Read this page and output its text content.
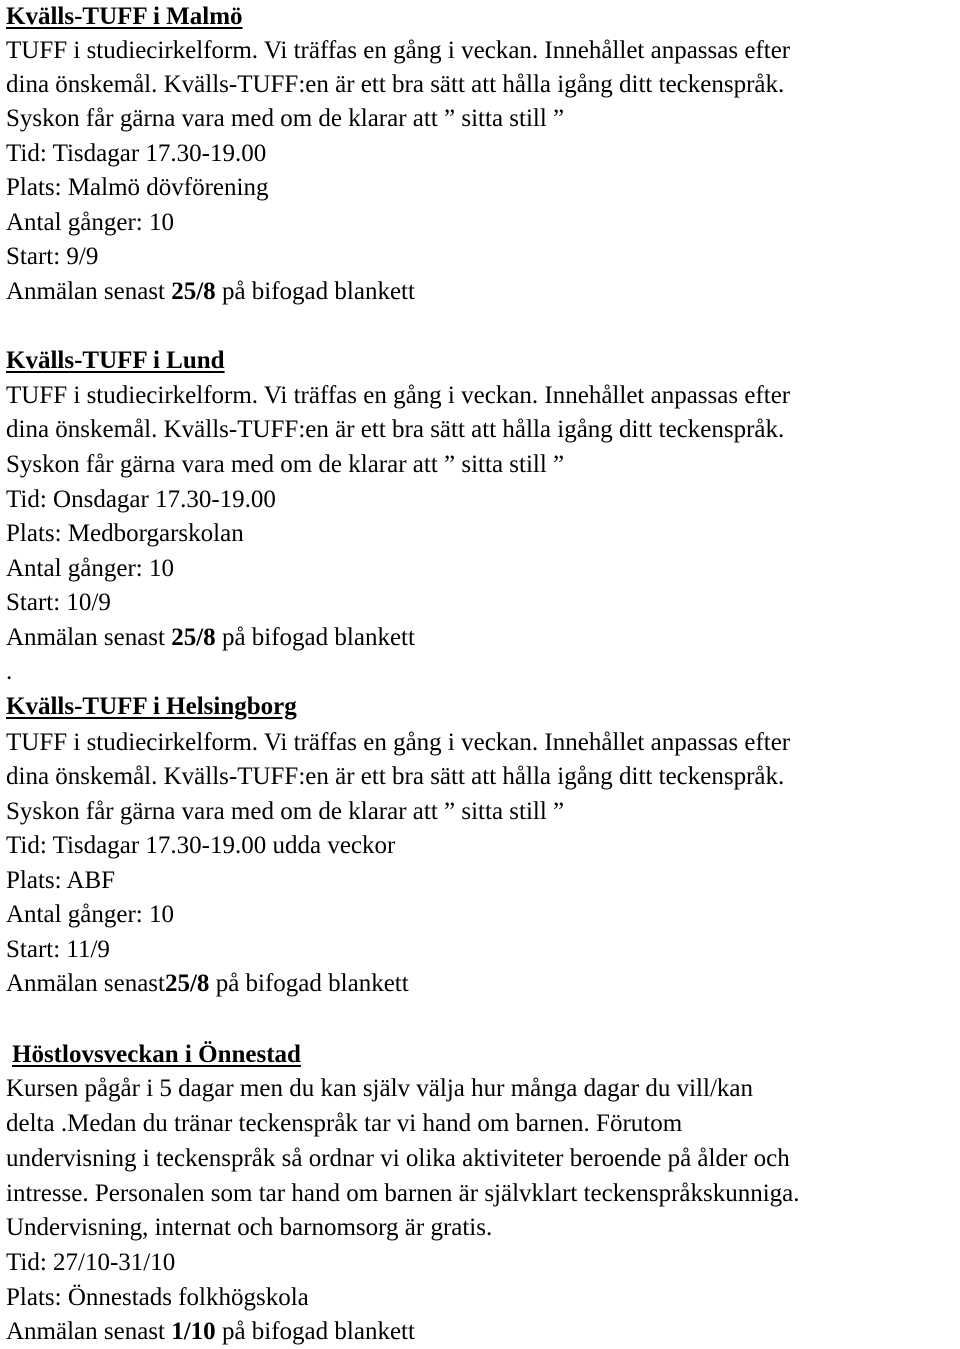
Kvälls-TUFF i Malmö
TUFF i studiecirkelform. Vi träffas en gång i veckan. Innehållet anpassas efter
dina önskemål. Kvälls-TUFF:en är ett bra sätt att hålla igång ditt teckenspråk.
Syskon får gärna vara med om de klarar att ” sitta still ”
Tid: Tisdagar 17.30-19.00
Plats: Malmö dövförening
Antal gånger: 10
Start: 9/9
Anmälan senast 25/8 på bifogad blankett
Kvälls-TUFF i Lund
TUFF i studiecirkelform. Vi träffas en gång i veckan. Innehållet anpassas efter
dina önskemål. Kvälls-TUFF:en är ett bra sätt att hålla igång ditt teckenspråk.
Syskon får gärna vara med om de klarar att ” sitta still ”
Tid: Onsdagar 17.30-19.00
Plats: Medborgarskolan
Antal gånger: 10
Start: 10/9
Anmälan senast 25/8 på bifogad blankett
.
Kvälls-TUFF i Helsingborg
TUFF i studiecirkelform. Vi träffas en gång i veckan. Innehållet anpassas efter
dina önskemål. Kvälls-TUFF:en är ett bra sätt att hålla igång ditt teckenspråk.
Syskon får gärna vara med om de klarar att ” sitta still ”
Tid: Tisdagar 17.30-19.00 udda veckor
Plats: ABF
Antal gånger: 10
Start: 11/9
Anmälan senast25/8 på bifogad blankett
Höstlovsveckan i Önnestad
Kursen pågår i 5 dagar men du kan själv välja hur många dagar du vill/kan
delta .Medan du tränar teckenspråk tar vi hand om barnen. Förutom
undervisning i teckenspråk så ordnar vi olika aktiviteter beroende på ålder och
intresse. Personalen som tar hand om barnen är självklart teckenspråkskunniga.
Undervisning, internat och barnomsorg är gratis.
Tid: 27/10-31/10
Plats: Önnestads folkhögskola
Anmälan senast 1/10 på bifogad blankett
